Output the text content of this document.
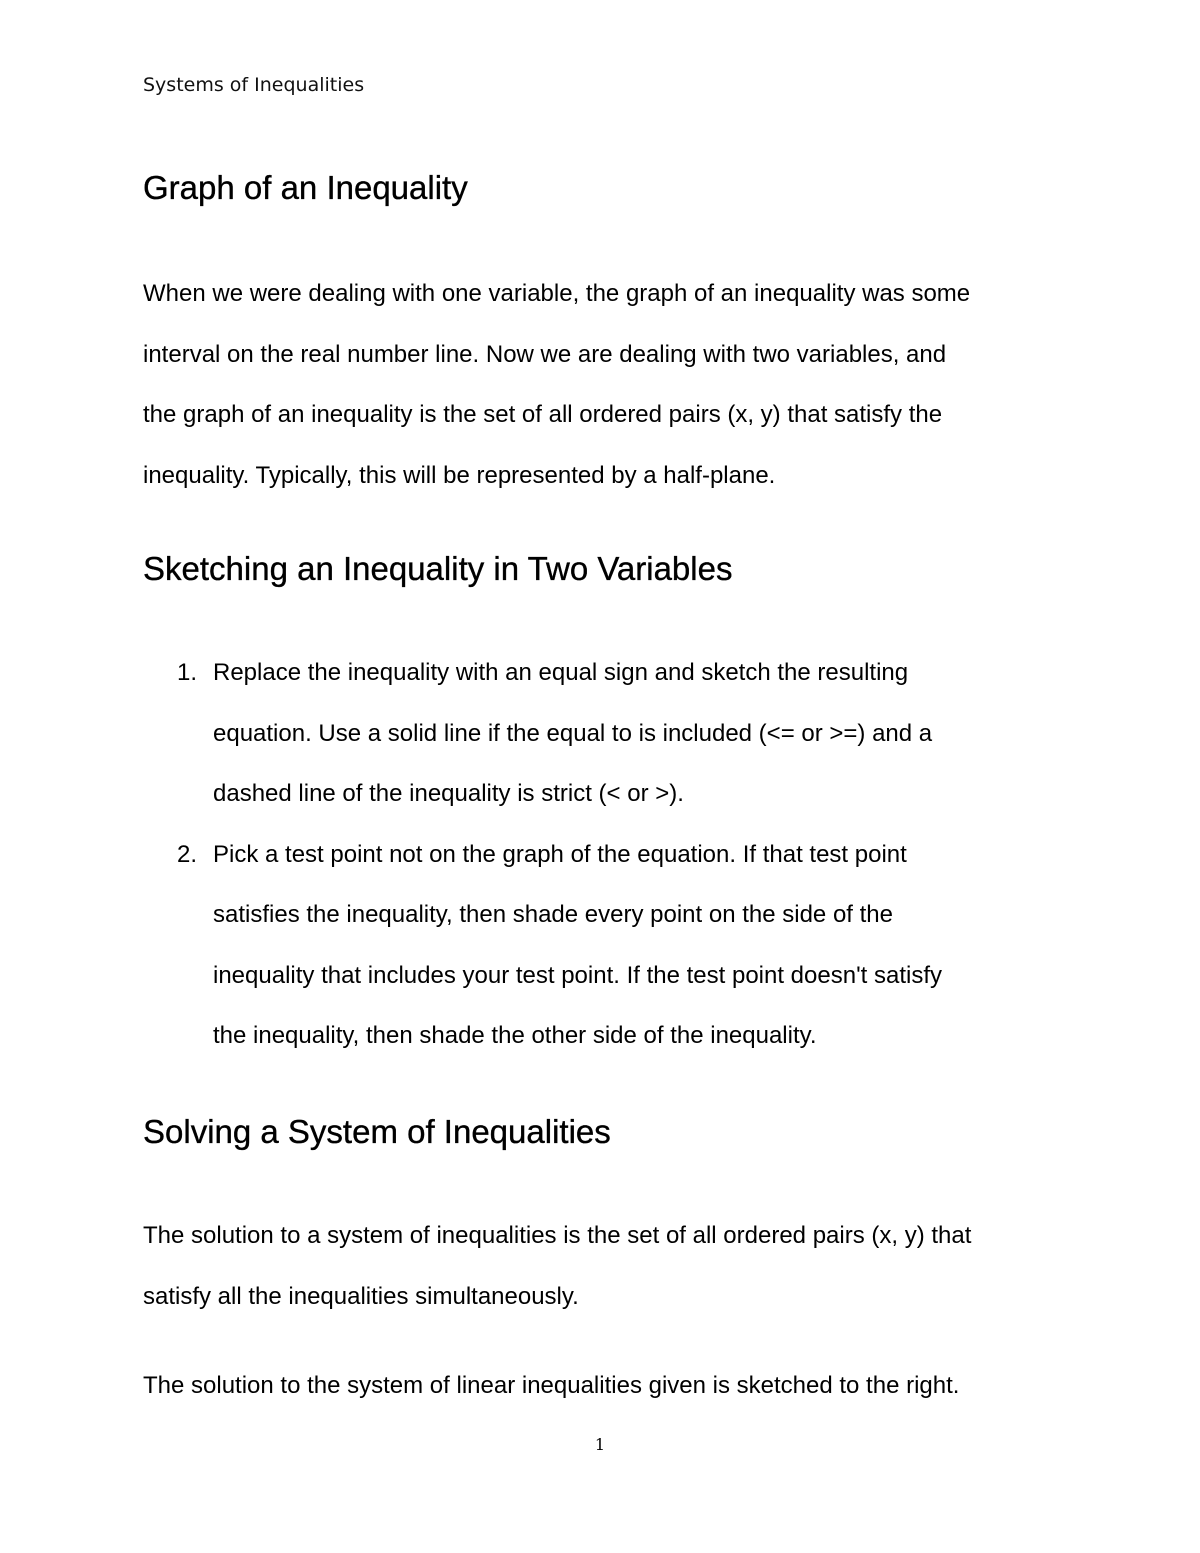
Systems of Inequalities
Graph of an Inequality
When we were dealing with one variable, the graph of an inequality was some
interval on the real number line. Now we are dealing with two variables, and
the graph of an inequality is the set of all ordered pairs (x, y) that satisfy the
inequality. Typically, this will be represented by a half-plane.
Sketching an Inequality in Two Variables
1. Replace the inequality with an equal sign and sketch the resulting
equation. Use a solid line if the equal to is included (<= or >=) and a
dashed line of the inequality is strict (< or >).
2. Pick a test point not on the graph of the equation. If that test point
satisfies the inequality, then shade every point on the side of the
inequality that includes your test point. If the test point doesn't satisfy
the inequality, then shade the other side of the inequality.
Solving a System of Inequalities
The solution to a system of inequalities is the set of all ordered pairs (x, y) that
satisfy all the inequalities simultaneously.
The solution to the system of linear inequalities given is sketched to the right.
1
